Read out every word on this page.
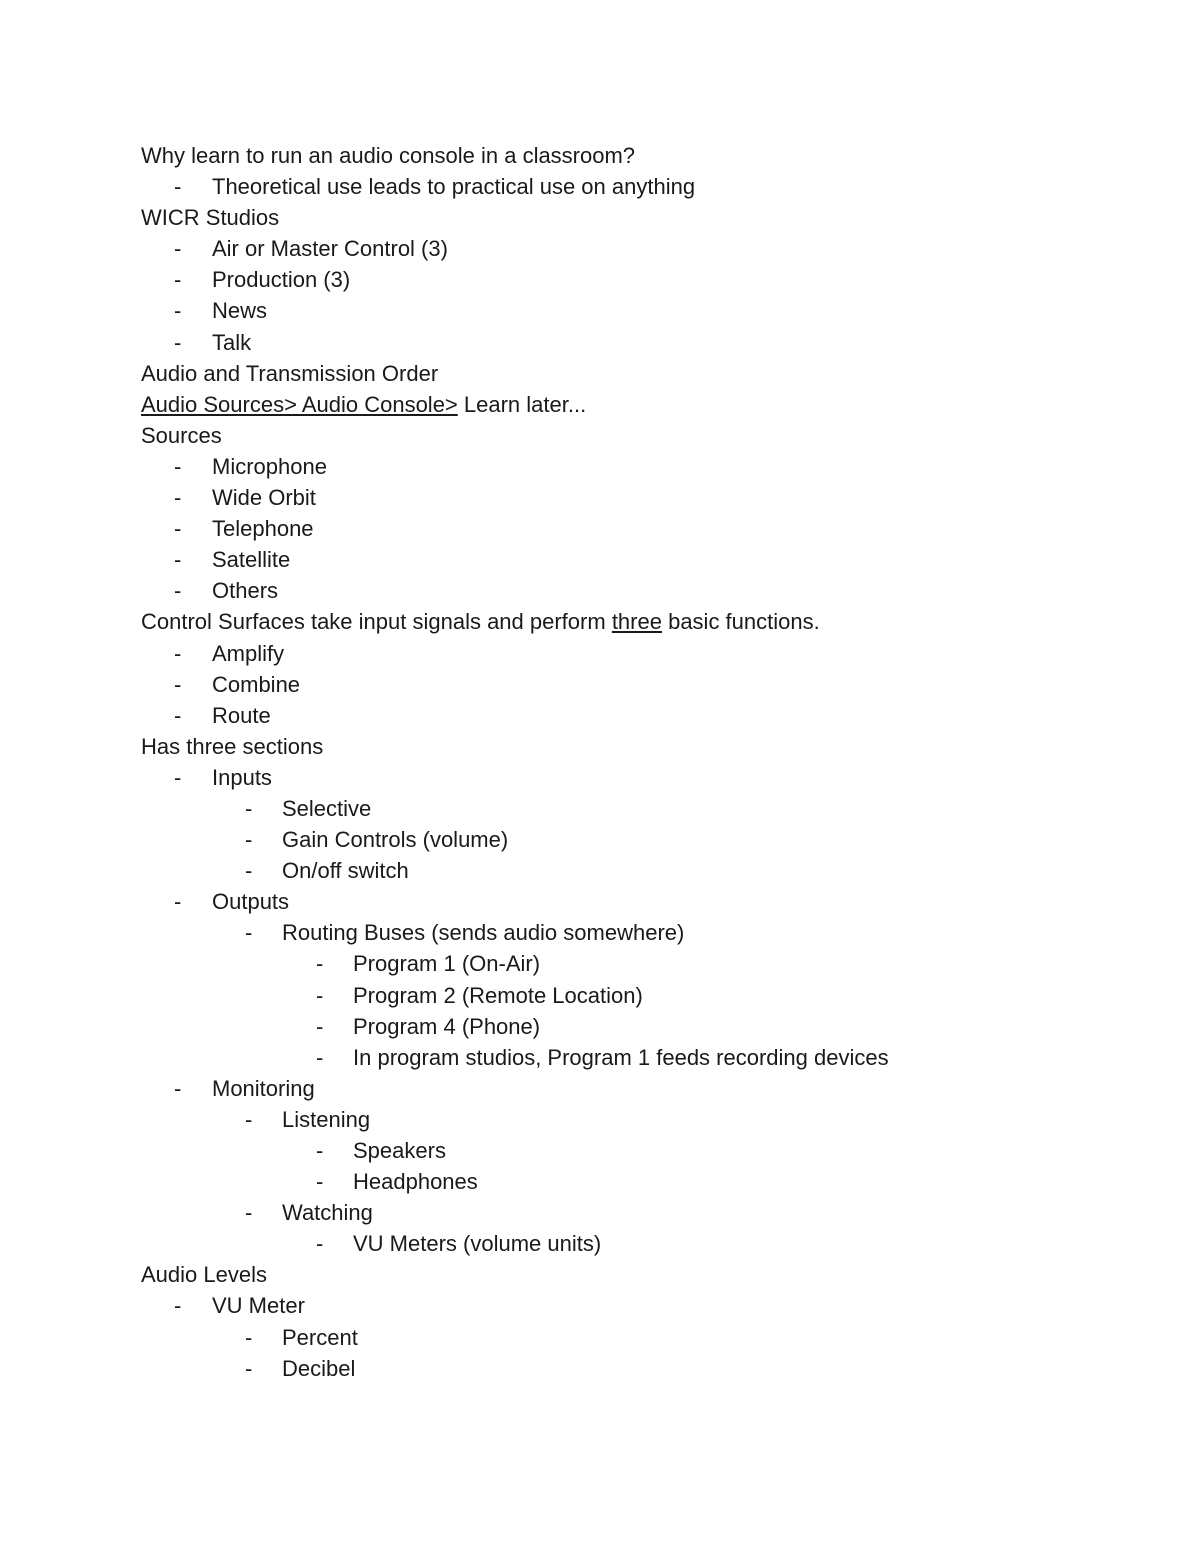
Why learn to run an audio console in a classroom?
- Theoretical use leads to practical use on anything
WICR Studios
- Air or Master Control (3)
- Production (3)
- News
- Talk
Audio and Transmission Order
Audio Sources> Audio Console> Learn later...
Sources
- Microphone
- Wide Orbit
- Telephone
- Satellite
- Others
Control Surfaces take input signals and perform three basic functions.
- Amplify
- Combine
- Route
Has three sections
- Inputs
- Selective
- Gain Controls (volume)
- On/off switch
- Outputs
- Routing Buses (sends audio somewhere)
- Program 1 (On-Air)
- Program 2 (Remote Location)
- Program 4 (Phone)
- In program studios, Program 1 feeds recording devices
- Monitoring
- Listening
- Speakers
- Headphones
- Watching
- VU Meters (volume units)
Audio Levels
- VU Meter
- Percent
- Decibel
